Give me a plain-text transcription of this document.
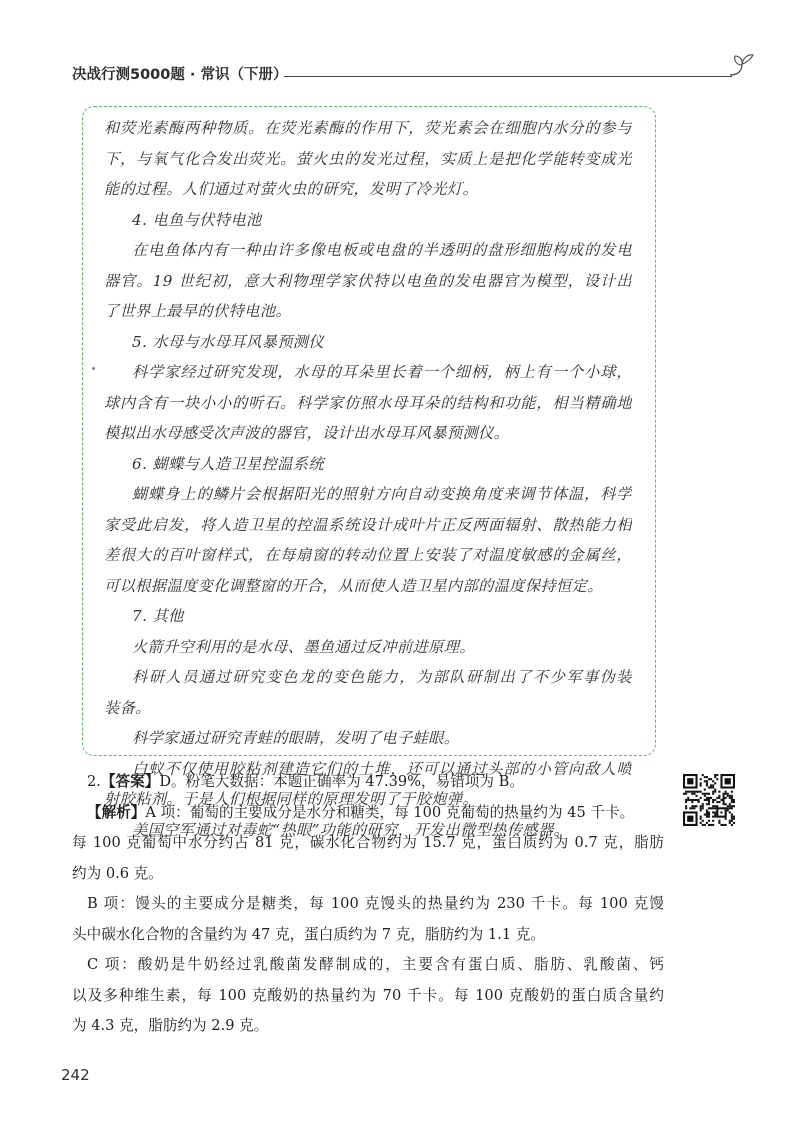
决战行测5000题 · 常识（下册）
和荧光素酶两种物质。在荧光素酶的作用下，荧光素会在细胞内水分的参与
下，与氧气化合发出荧光。萤火虫的发光过程，实质上是把化学能转变成光
能的过程。人们通过对萤火虫的研究，发明了冷光灯。
4. 电鱼与伏特电池
在电鱼体内有一种由许多像电板或电盘的半透明的盘形细胞构成的发电
器官。19 世纪初，意大利物理学家伏特以电鱼的发电器官为模型，设计出
了世界上最早的伏特电池。
5. 水母与水母耳风暴预测仪
科学家经过研究发现，水母的耳朵里长着一个细柄，柄上有一个小球，
球内含有一块小小的听石。科学家仿照水母耳朵的结构和功能，相当精确地
模拟出水母感受次声波的器官，设计出水母耳风暴预测仪。
6. 蝴蝶与人造卫星控温系统
蝴蝶身上的鳞片会根据阳光的照射方向自动变换角度来调节体温，科学
家受此启发，将人造卫星的控温系统设计成叶片正反两面辐射、散热能力相
差很大的百叶窗样式，在每扇窗的转动位置上安装了对温度敏感的金属丝，
可以根据温度变化调整窗的开合，从而使人造卫星内部的温度保持恒定。
7. 其他
火箭升空利用的是水母、墨鱼通过反冲前进原理。
科研人员通过研究变色龙的变色能力，为部队研制出了不少军事伪装
装备。
科学家通过研究青蛙的眼睛，发明了电子蛙眼。
白蚁不仅使用胶粘剂建造它们的土堆，还可以通过头部的小管向敌人喷
射胶粘剂。于是人们根据同样的原理发明了干胶炮弹。
美国空军通过对毒蛇“热眼”功能的研究，开发出微型热传感器。
2.【答案】D。粉笔大数据：本题正确率为 47.39%，易错项为 B。
【解析】A 项：葡萄的主要成分是水分和糖类，每 100 克葡萄的热量约为 45 千卡。
每 100 克葡萄中水分约占 81 克，碳水化合物约为 15.7 克，蛋白质约为 0.7 克，脂肪
约为 0.6 克。
B 项：馒头的主要成分是糖类，每 100 克馒头的热量约为 230 千卡。每 100 克馒
头中碳水化合物的含量约为 47 克，蛋白质约为 7 克，脂肪约为 1.1 克。
C 项：酸奶是牛奶经过乳酸菌发酵制成的，主要含有蛋白质、脂肪、乳酸菌、钙
以及多种维生素，每 100 克酸奶的热量约为 70 千卡。每 100 克酸奶的蛋白质含量约
为 4.3 克，脂肪约为 2.9 克。
242
